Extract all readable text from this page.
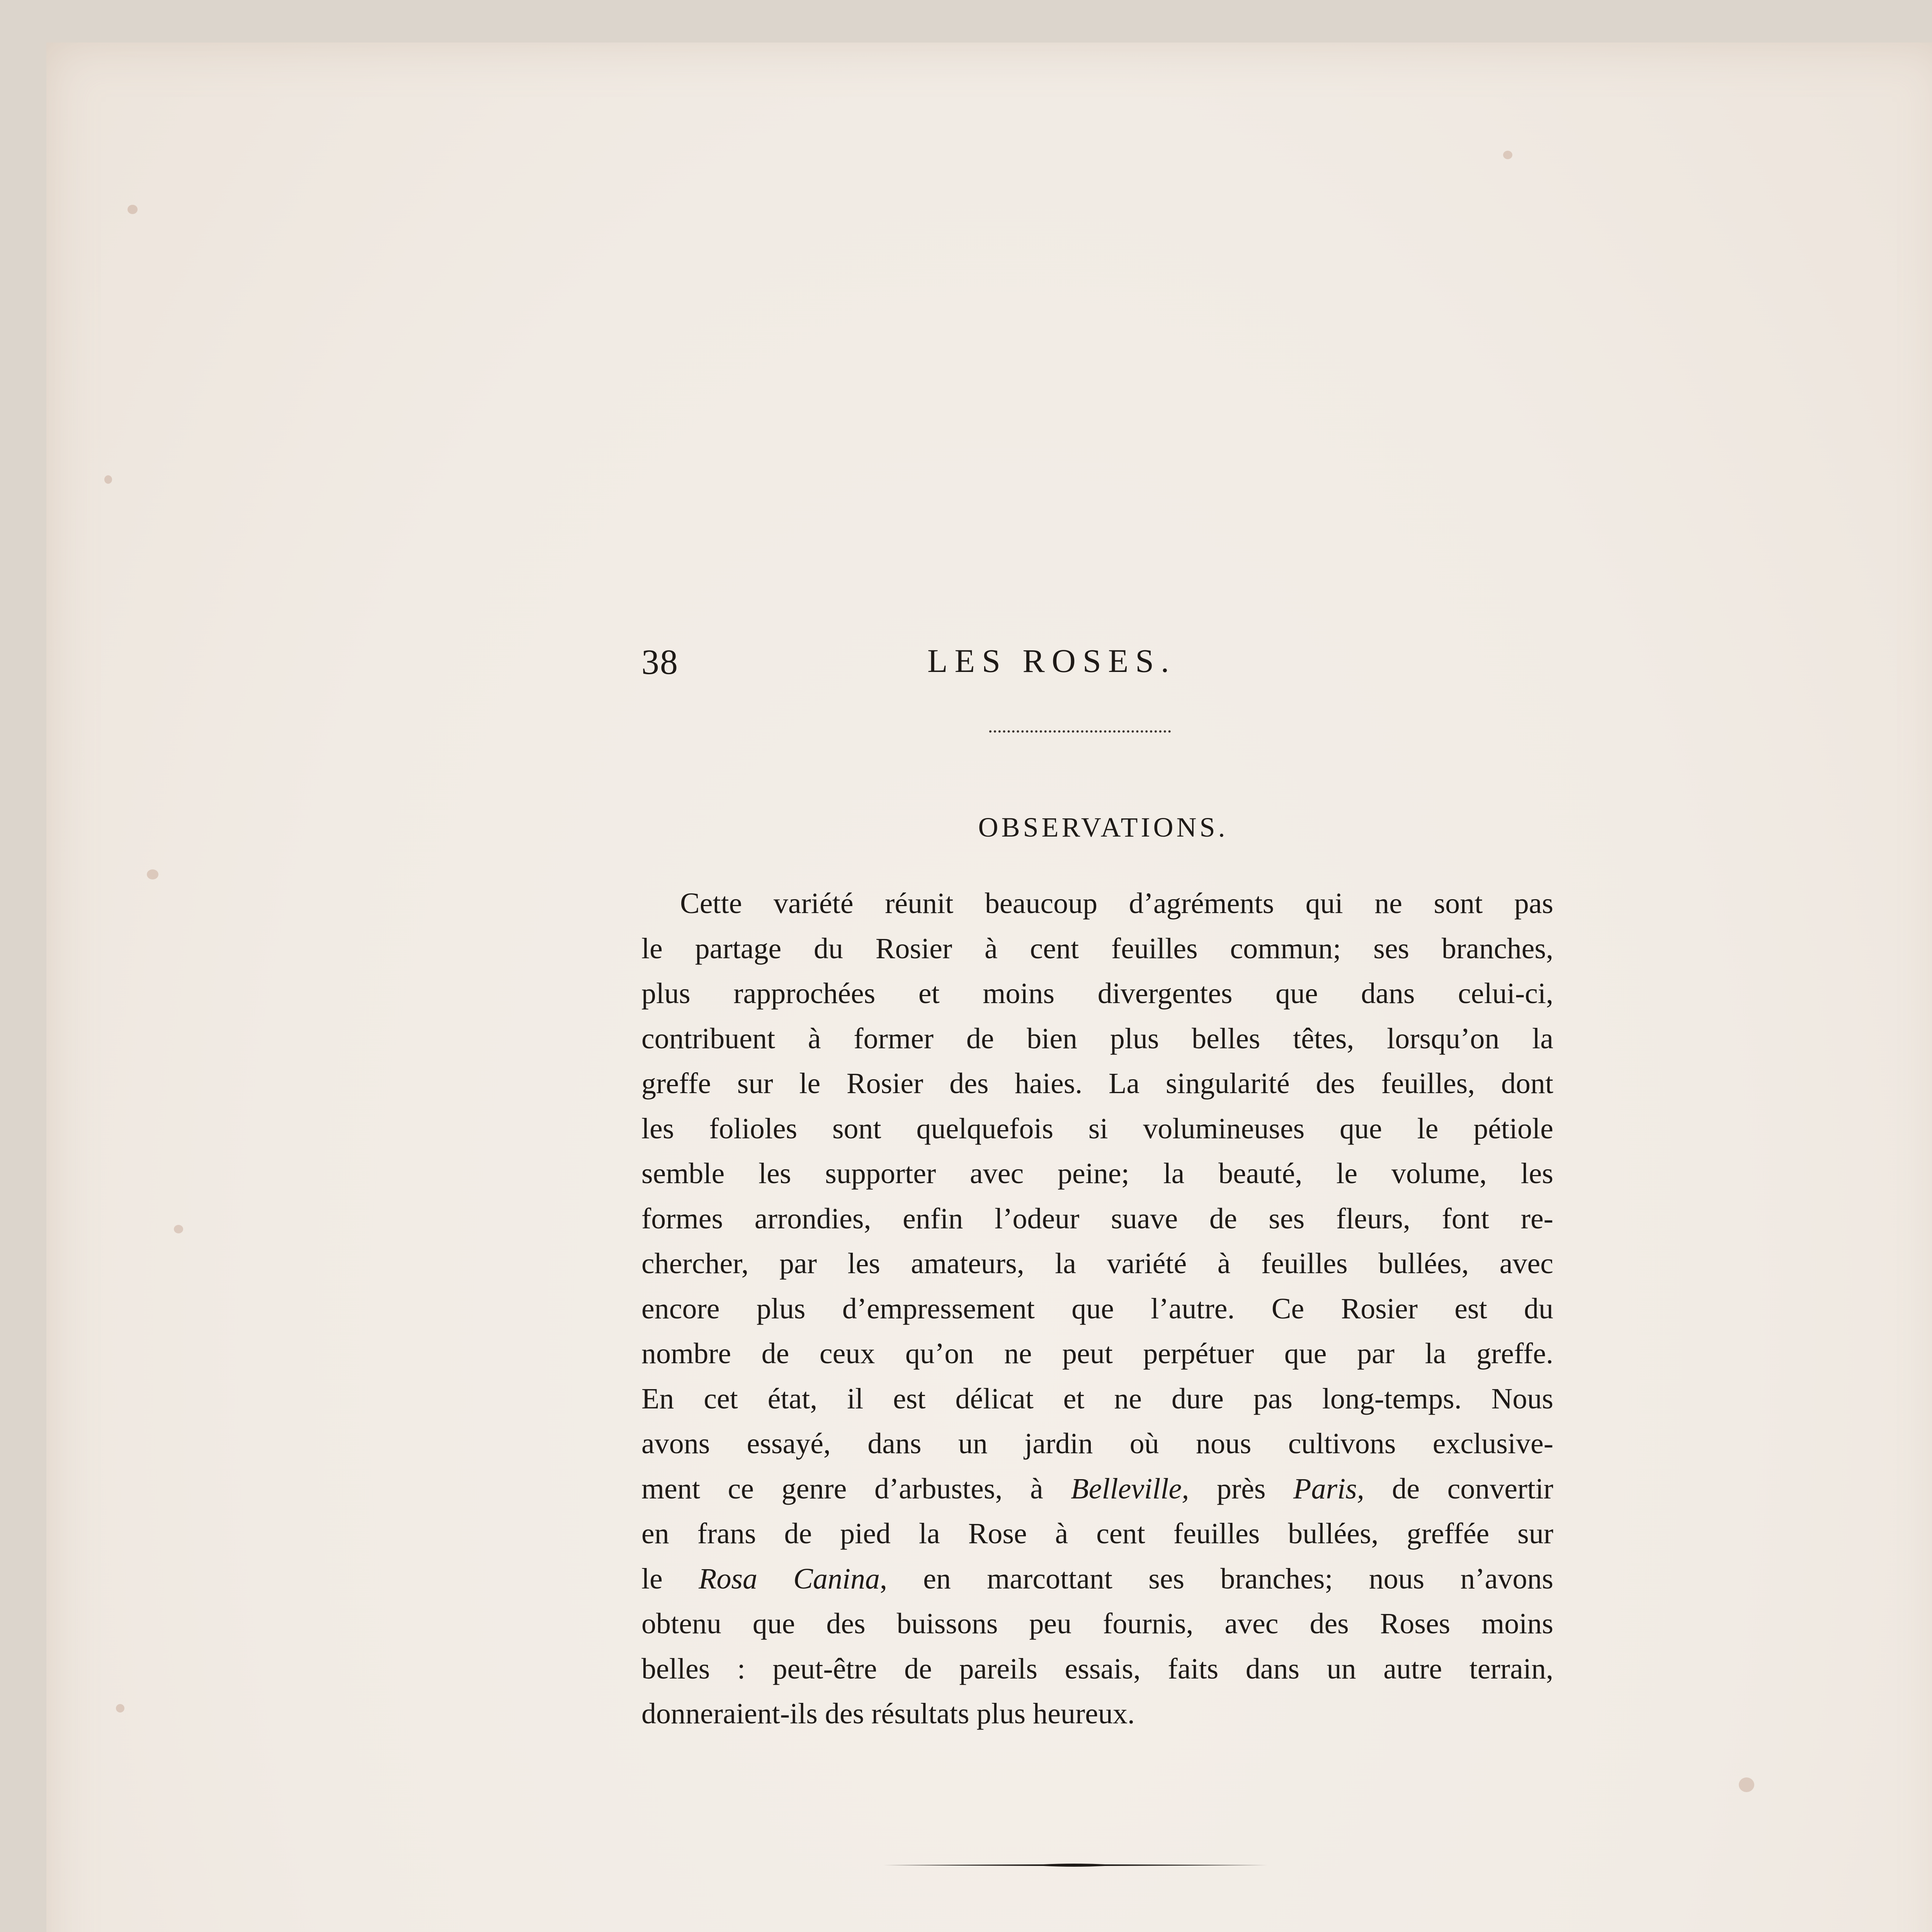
38	LES ROSES.
OBSERVATIONS.
Cette variété réunit beaucoup d’agréments qui ne sont pas
le partage du Rosier à cent feuilles commun; ses branches,
plus rapprochées et moins divergentes que dans celui-ci,
contribuent à former de bien plus belles têtes, lorsqu’on la
greffe sur le Rosier des haies. La singularité des feuilles, dont
les folioles sont quelquefois si volumineuses que le pétiole
semble les supporter avec peine; la beauté, le volume, les
formes arrondies, enfin l’odeur suave de ses fleurs, font re-
chercher, par les amateurs, la variété à feuilles bullées, avec
encore plus d’empressement que l’autre. Ce Rosier est du
nombre de ceux qu’on ne peut perpétuer que par la greffe.
En cet état, il est délicat et ne dure pas long-temps. Nous
avons essayé, dans un jardin où nous cultivons exclusive-
ment ce genre d’arbustes, à Belleville, près Paris, de convertir
en frans de pied la Rose à cent feuilles bullées, greffée sur
le Rosa Canina, en marcottant ses branches; nous n’avons
obtenu que des buissons peu fournis, avec des Roses moins
belles : peut-être de pareils essais, faits dans un autre terrain,
donneraient-ils des résultats plus heureux.
